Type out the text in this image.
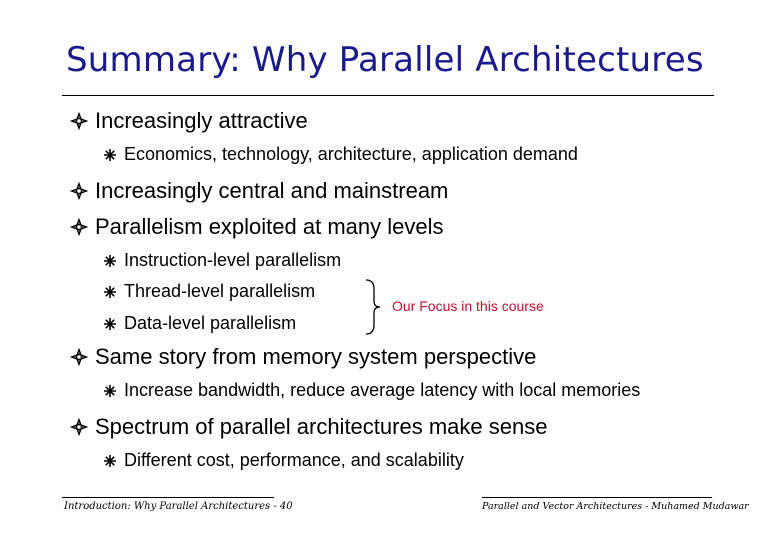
Summary: Why Parallel Architectures
Increasingly attractive
Economics, technology, architecture, application demand
Increasingly central and mainstream
Parallelism exploited at many levels
Instruction-level parallelism
Thread-level parallelism
Data-level parallelism
Our Focus in this course
Same story from memory system perspective
Increase bandwidth, reduce average latency with local memories
Spectrum of parallel architectures make sense
Different cost, performance, and scalability
Introduction: Why Parallel Architectures - 40	Parallel and Vector Architectures - Muhamed Mudawar
